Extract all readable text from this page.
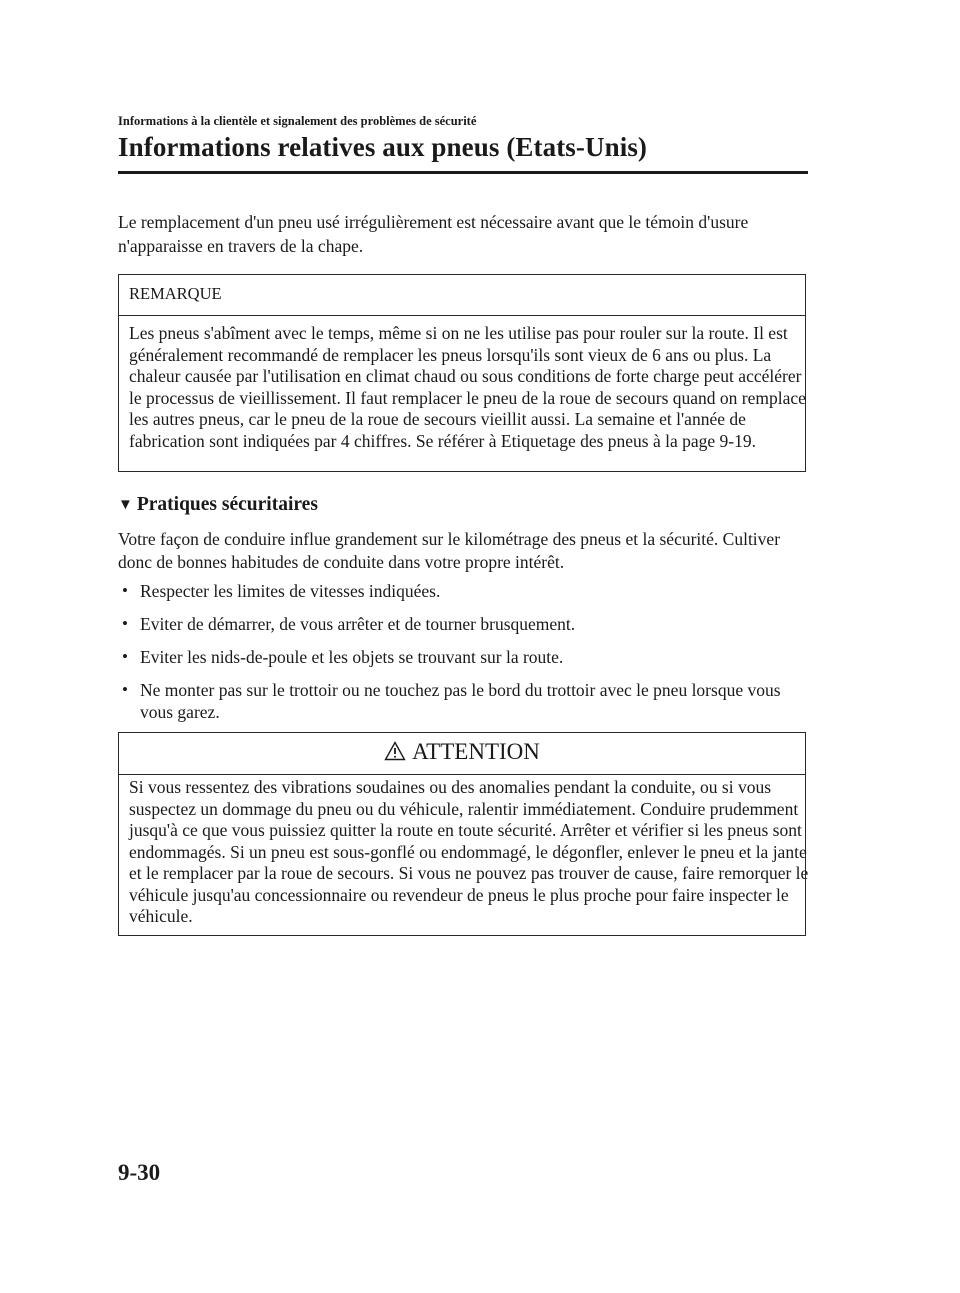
Informations à la clientèle et signalement des problèmes de sécurité
Informations relatives aux pneus (Etats-Unis)
Le remplacement d'un pneu usé irrégulièrement est nécessaire avant que le témoin d'usure n'apparaisse en travers de la chape.
REMARQUE
Les pneus s'abîment avec le temps, même si on ne les utilise pas pour rouler sur la route. Il est généralement recommandé de remplacer les pneus lorsqu'ils sont vieux de 6 ans ou plus. La chaleur causée par l'utilisation en climat chaud ou sous conditions de forte charge peut accélérer le processus de vieillissement. Il faut remplacer le pneu de la roue de secours quand on remplace les autres pneus, car le pneu de la roue de secours vieillit aussi. La semaine et l'année de fabrication sont indiquées par 4 chiffres. Se référer à Etiquetage des pneus à la page 9-19.
▼ Pratiques sécuritaires
Votre façon de conduire influe grandement sur le kilométrage des pneus et la sécurité. Cultiver donc de bonnes habitudes de conduite dans votre propre intérêt.
• Respecter les limites de vitesses indiquées.
• Eviter de démarrer, de vous arrêter et de tourner brusquement.
• Eviter les nids-de-poule et les objets se trouvant sur la route.
• Ne monter pas sur le trottoir ou ne touchez pas le bord du trottoir avec le pneu lorsque vous vous garez.
ATTENTION
Si vous ressentez des vibrations soudaines ou des anomalies pendant la conduite, ou si vous suspectez un dommage du pneu ou du véhicule, ralentir immédiatement. Conduire prudemment jusqu'à ce que vous puissiez quitter la route en toute sécurité. Arrêter et vérifier si les pneus sont endommagés. Si un pneu est sous-gonflé ou endommagé, le dégonfler, enlever le pneu et la jante et le remplacer par la roue de secours. Si vous ne pouvez pas trouver de cause, faire remorquer le véhicule jusqu'au concessionnaire ou revendeur de pneus le plus proche pour faire inspecter le véhicule.
9-30
